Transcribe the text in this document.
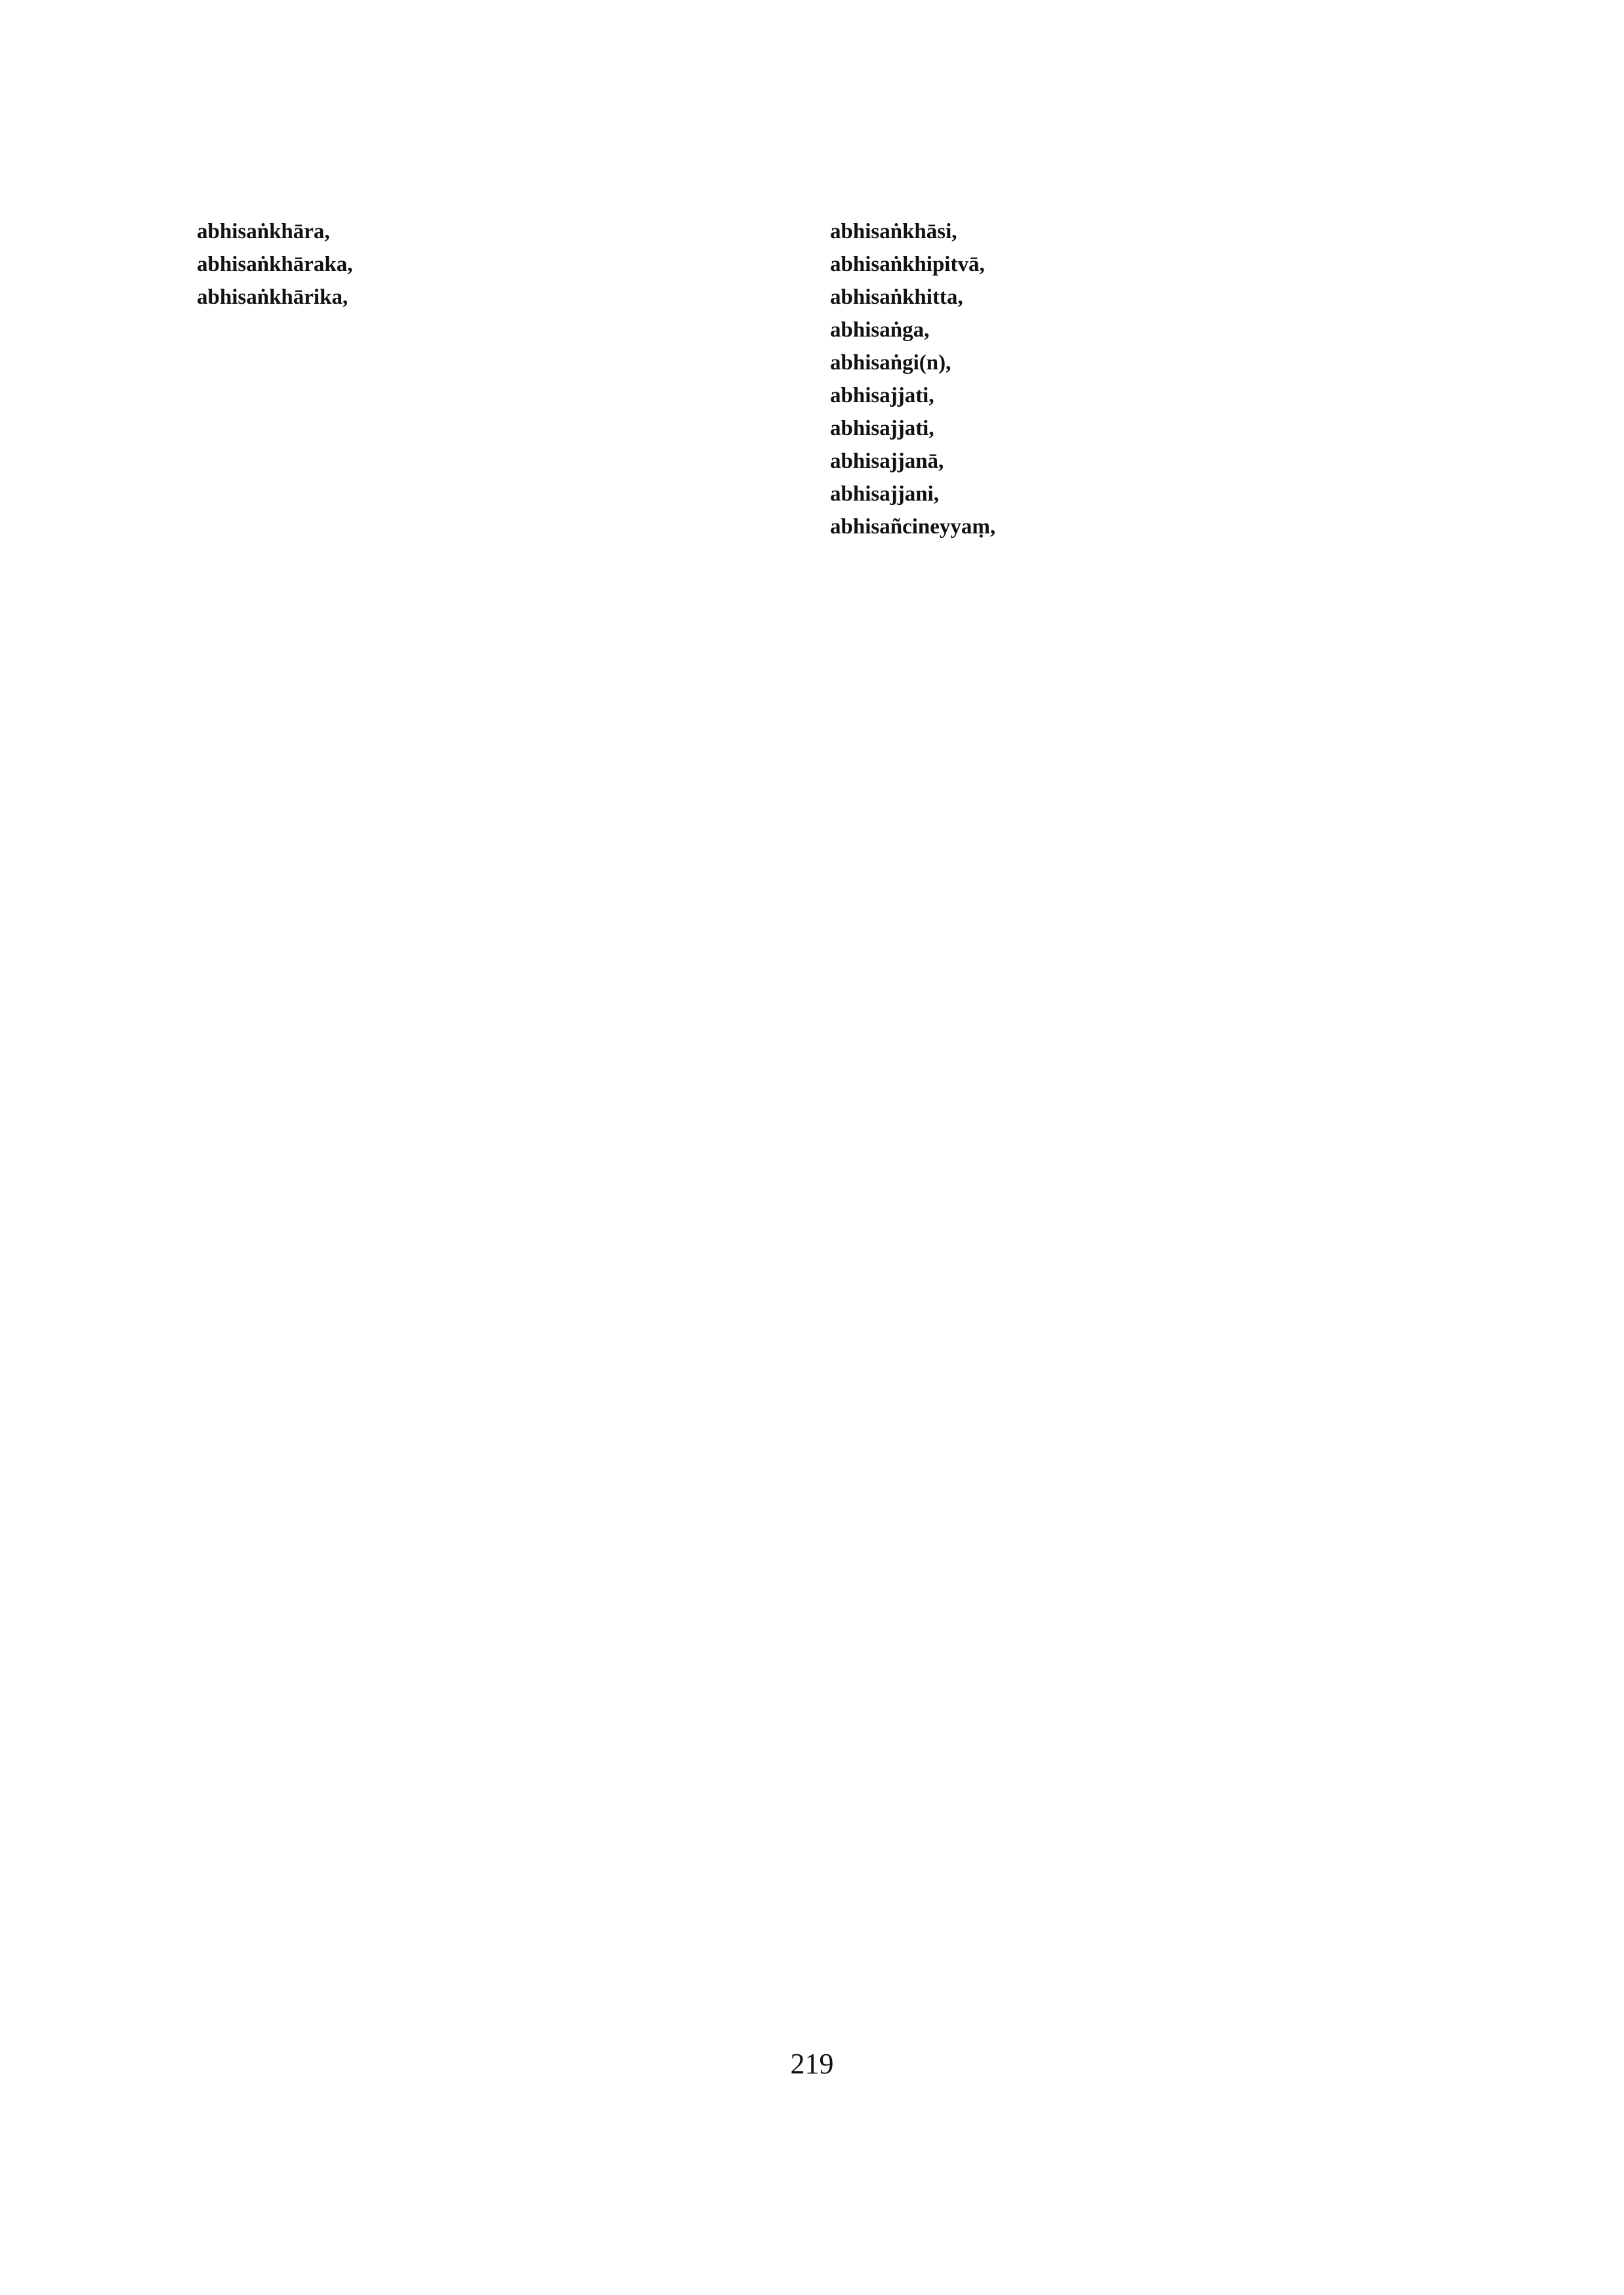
abhisaṅkhāra,

abhisaṅkhāraka,

abhisaṅkhārika,

abhisaṅkhāsi,

abhisaṅkhipitvā,

abhisaṅkhitta,

abhisaṅga,

abhisaṅgi(n),

abhisajjati,

abhisajjati,

abhisajjanā,

abhisajjani,

abhisañcineyyaṃ,

219
